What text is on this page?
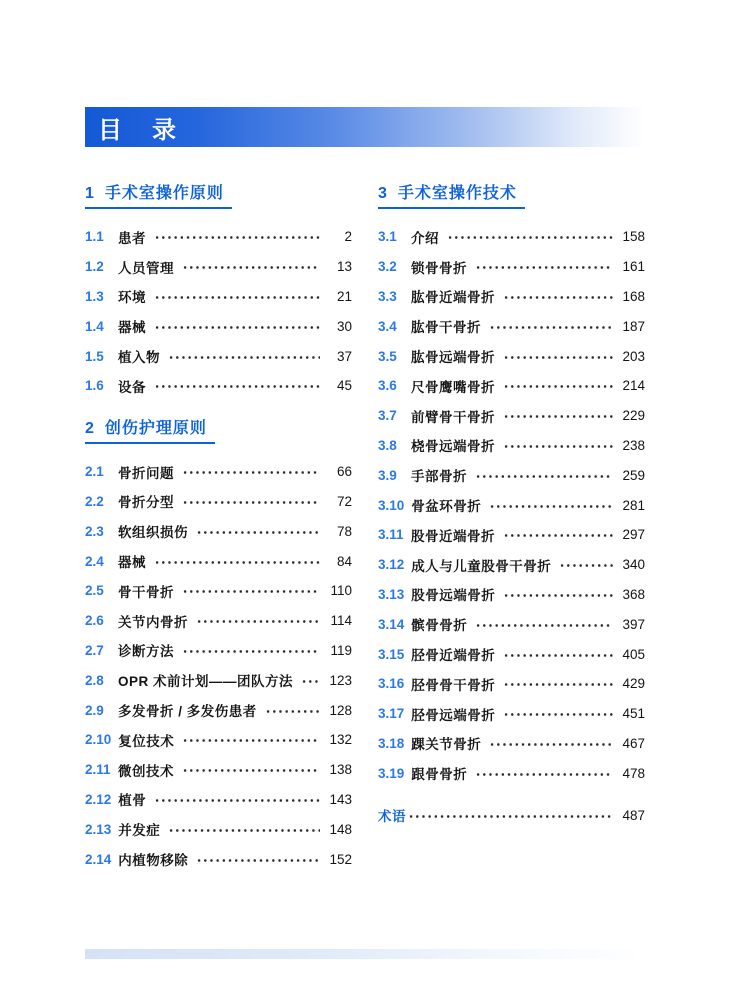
目　录
1 手术室操作原则
1.1	患者	2
1.2	人员管理	13
1.3	环境	21
1.4	器械	30
1.5	植入物	37
1.6	设备	45
2 创伤护理原则
2.1	骨折问题	66
2.2	骨折分型	72
2.3	软组织损伤	78
2.4	器械	84
2.5	骨干骨折	110
2.6	关节内骨折	114
2.7	诊断方法	119
2.8	OPR 术前计划——团队方法	123
2.9	多发骨折 / 多发伤患者	128
2.10 复位技术	132
2.11 微创技术	138
2.12 植骨	143
2.13 并发症	148
2.14 内植物移除	152
3 手术室操作技术
3.1	介绍	158
3.2	锁骨骨折	161
3.3	肱骨近端骨折	168
3.4	肱骨干骨折	187
3.5	肱骨远端骨折	203
3.6	尺骨鹰嘴骨折	214
3.7	前臂骨干骨折	229
3.8	桡骨远端骨折	238
3.9	手部骨折	259
3.10 骨盆环骨折	281
3.11 股骨近端骨折	297
3.12 成人与儿童股骨干骨折	340
3.13 股骨远端骨折	368
3.14 髌骨骨折	397
3.15 胫骨近端骨折	405
3.16 胫骨骨干骨折	429
3.17 胫骨远端骨折	451
3.18 踝关节骨折	467
3.19 跟骨骨折	478
术语	487
